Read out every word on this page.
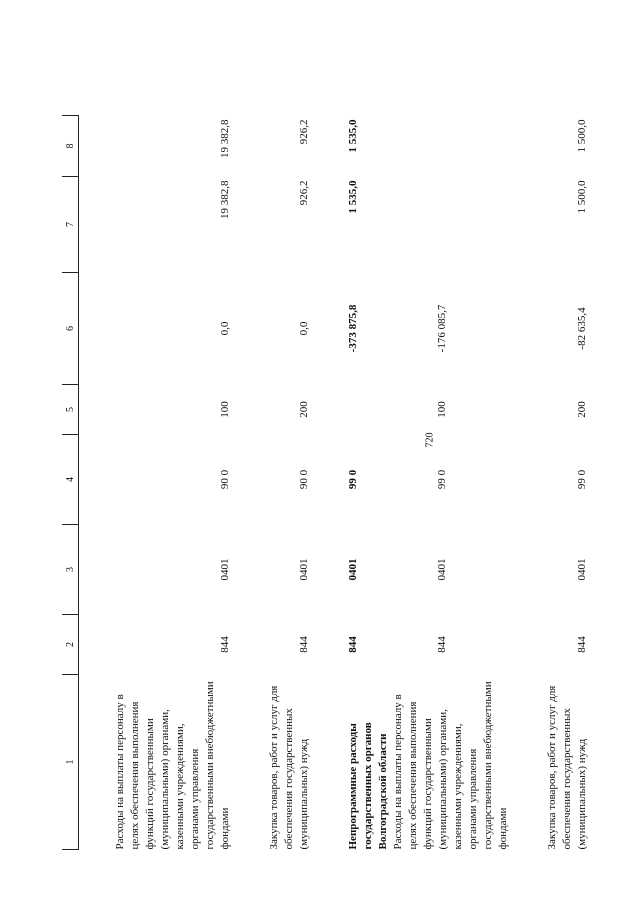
720
1	2	3	4	5	6	7	8

Расходы на выплаты персоналу в целях обеспечения выполнения функций государственными (муниципальными) органами, казенными учреждениями, органами управления государственными внебюджетными фондами	844	0401	90 0	100	0,0	19 382,8	19 382,8

Закупка товаров, работ и услуг для обеспечения государственных (муниципальных) нужд	844	0401	90 0	200	0,0	926,2	926,2

Непрограммные расходы государственных органов Волгоградской области	844	0401	99 0		-373 875,8	1 535,0	1 535,0
Расходы на выплаты персоналу в целях обеспечения выполнения функций государственными (муниципальными) органами, казенными учреждениями, органами управления государственными внебюджетными фондами	844	0401	99 0	100	-176 085,7		

Закупка товаров, работ и услуг для обеспечения государственных (муниципальных) нужд	844	0401	99 0	200	-82 635,4	1 500,0	1 500,0
